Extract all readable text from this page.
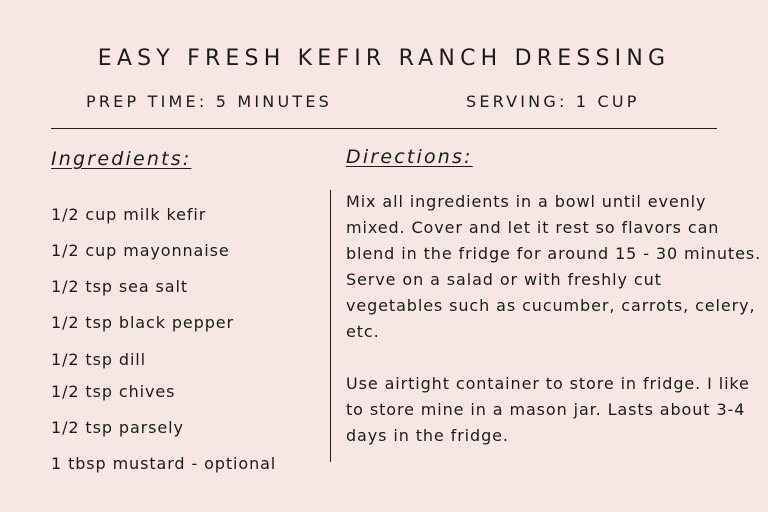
EASY FRESH KEFIR RANCH DRESSING
PREP TIME: 5 MINUTES	SERVING: 1 CUP
Ingredients:	Directions:
1/2 cup milk kefir
1/2 cup mayonnaise
1/2 tsp sea salt
1/2 tsp black pepper
1/2 tsp dill
1/2 tsp chives
1/2 tsp parsely
1 tbsp mustard - optional

Mix all ingredients in a bowl until evenly mixed. Cover and let it rest so flavors can blend in the fridge for around 15 - 30 minutes. Serve on a salad or with freshly cut vegetables such as cucumber, carrots, celery, etc.

Use airtight container to store in fridge. I like to store mine in a mason jar. Lasts about 3-4 days in the fridge.
